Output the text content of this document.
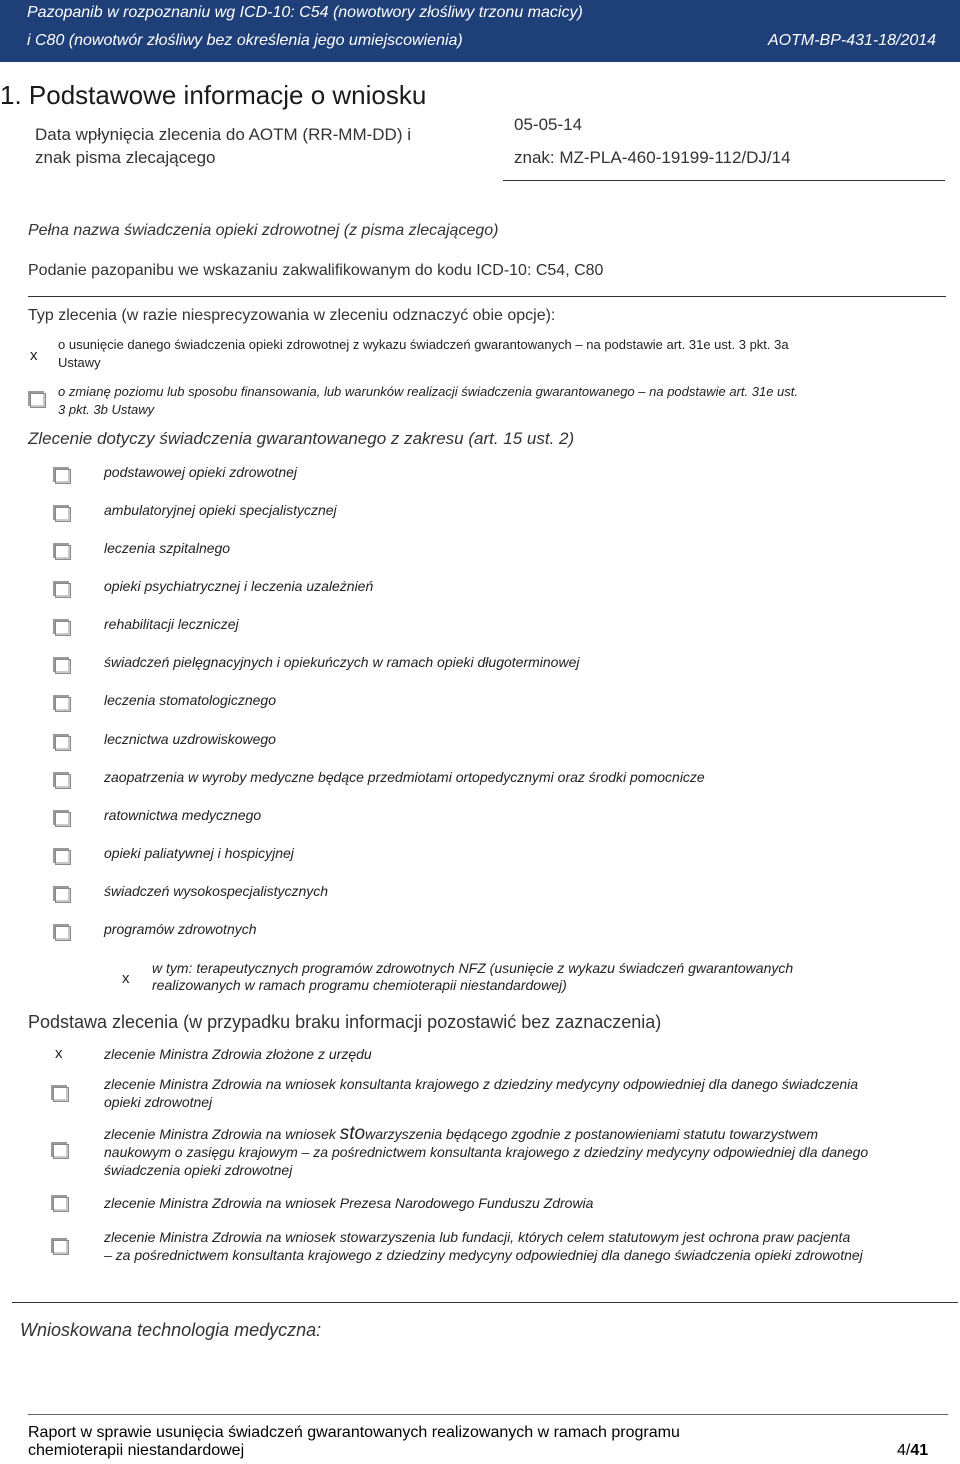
Pazopanib w rozpoznaniu wg ICD-10: C54 (nowotwory złośliwy trzonu macicy)
i C80 (nowotwór złośliwy bez określenia jego umiejscowienia)	AOTM-BP-431-18/2014
1. Podstawowe informacje o wniosku
Data wpłynięcia zlecenia do AOTM (RR-MM-DD) i
znak pisma zlecającego
05-05-14
znak: MZ-PLA-460-19199-112/DJ/14
Pełna nazwa świadczenia opieki zdrowotnej (z pisma zlecającego)
Podanie pazopanibu we wskazaniu zakwalifikowanym do kodu ICD-10: C54, C80
Typ zlecenia (w razie niesprecyzowania w zleceniu odznaczyć obie opcje):
x
o usunięcie danego świadczenia opieki zdrowotnej z wykazu świadczeń gwarantowanych – na podstawie art. 31e ust. 3 pkt. 3a
Ustawy
o zmianę poziomu lub sposobu finansowania, lub warunków realizacji świadczenia gwarantowanego – na podstawie art. 31e ust.
3 pkt. 3b Ustawy
Zlecenie dotyczy świadczenia gwarantowanego z zakresu (art. 15 ust. 2)
podstawowej opieki zdrowotnej
ambulatoryjnej opieki specjalistycznej
leczenia szpitalnego
opieki psychiatrycznej i leczenia uzależnień
rehabilitacji leczniczej
świadczeń pielęgnacyjnych i opiekuńczych w ramach opieki długoterminowej
leczenia stomatologicznego
lecznictwa uzdrowiskowego
zaopatrzenia w wyroby medyczne będące przedmiotami ortopedycznymi oraz środki pomocnicze
ratownictwa medycznego
opieki paliatywnej i hospicyjnej
świadczeń wysokospecjalistycznych
programów zdrowotnych
x
w tym: terapeutycznych programów zdrowotnych NFZ (usunięcie z wykazu świadczeń gwarantowanych
realizowanych w ramach programu chemioterapii niestandardowej)
Podstawa zlecenia (w przypadku braku informacji pozostawić bez zaznaczenia)
x	zlecenie Ministra Zdrowia złożone z urzędu
zlecenie Ministra Zdrowia na wniosek konsultanta krajowego z dziedziny medycyny odpowiedniej dla danego świadczenia
opieki zdrowotnej
zlecenie Ministra Zdrowia na wniosek stowarzyszenia będącego zgodnie z postanowieniami statutu towarzystwem
naukowym o zasięgu krajowym – za pośrednictwem konsultanta krajowego z dziedziny medycyny odpowiedniej dla danego
świadczenia opieki zdrowotnej
zlecenie Ministra Zdrowia na wniosek Prezesa Narodowego Funduszu Zdrowia
zlecenie Ministra Zdrowia na wniosek stowarzyszenia lub fundacji, których celem statutowym jest ochrona praw pacjenta
– za pośrednictwem konsultanta krajowego z dziedziny medycyny odpowiedniej dla danego świadczenia opieki zdrowotnej
Wnioskowana technologia medyczna:
Raport w sprawie usunięcia świadczeń gwarantowanych realizowanych w ramach programu
chemioterapii niestandardowej	4/41
